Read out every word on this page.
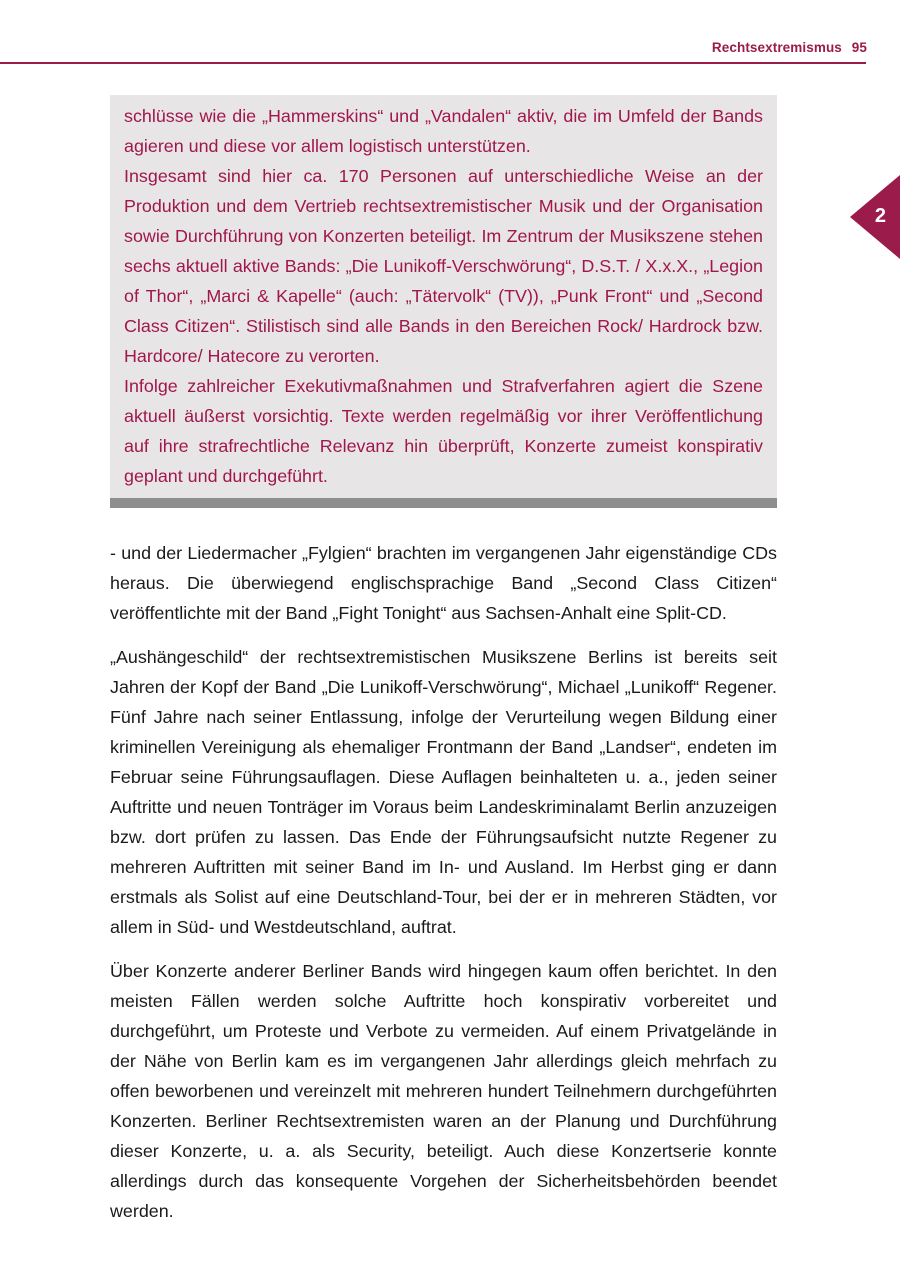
Rechtsextremismus 95
2

schlüsse wie die „Hammerskins“ und „Vandalen“ aktiv, die im Umfeld der Bands agieren und diese vor allem logistisch unterstützen.

Insgesamt sind hier ca. 170 Personen auf unterschiedliche Weise an der Produktion und dem Vertrieb rechtsextremistischer Musik und der Organisation sowie Durchführung von Konzerten beteiligt. Im Zentrum der Musikszene stehen sechs aktuell aktive Bands: „Die Lunikoff-Verschwörung“, D.S.T. / X.x.X., „Legion of Thor“, „Marci & Kapelle“ (auch: „Tätervolk“ (TV)), „Punk Front“ und „Second Class Citizen“. Stilistisch sind alle Bands in den Bereichen Rock/ Hardrock bzw. Hardcore/ Hatecore zu verorten.

Infolge zahlreicher Exekutivmaßnahmen und Strafverfahren agiert die Szene aktuell äußerst vorsichtig. Texte werden regelmäßig vor ihrer Veröffentlichung auf ihre strafrechtliche Relevanz hin überprüft, Konzerte zumeist konspirativ geplant und durchgeführt.

- und der Liedermacher „Fylgien“ brachten im vergangenen Jahr eigenständige CDs heraus. Die überwiegend englischsprachige Band „Second Class Citizen“ veröffentlichte mit der Band „Fight Tonight“ aus Sachsen-Anhalt eine Split-CD.

„Aushängeschild“ der rechtsextremistischen Musikszene Berlins ist bereits seit Jahren der Kopf der Band „Die Lunikoff-Verschwörung“, Michael „Lunikoff“ Regener. Fünf Jahre nach seiner Entlassung, infolge der Verurteilung wegen Bildung einer kriminellen Vereinigung als ehemaliger Frontmann der Band „Landser“, endeten im Februar seine Führungsauflagen. Diese Auflagen beinhalteten u. a., jeden seiner Auftritte und neuen Tonträger im Voraus beim Landeskriminalamt Berlin anzuzeigen bzw. dort prüfen zu lassen. Das Ende der Führungsaufsicht nutzte Regener zu mehreren Auftritten mit seiner Band im In- und Ausland. Im Herbst ging er dann erstmals als Solist auf eine Deutschland-Tour, bei der er in mehreren Städten, vor allem in Süd- und Westdeutschland, auftrat.

Über Konzerte anderer Berliner Bands wird hingegen kaum offen berichtet. In den meisten Fällen werden solche Auftritte hoch konspirativ vorbereitet und durchgeführt, um Proteste und Verbote zu vermeiden. Auf einem Privatgelände in der Nähe von Berlin kam es im vergangenen Jahr allerdings gleich mehrfach zu offen beworbenen und vereinzelt mit mehreren hundert Teilnehmern durchgeführten Konzerten. Berliner Rechtsextremisten waren an der Planung und Durchführung dieser Konzerte, u. a. als Security, beteiligt. Auch diese Konzertserie konnte allerdings durch das konsequente Vorgehen der Sicherheitsbehörden beendet werden.
